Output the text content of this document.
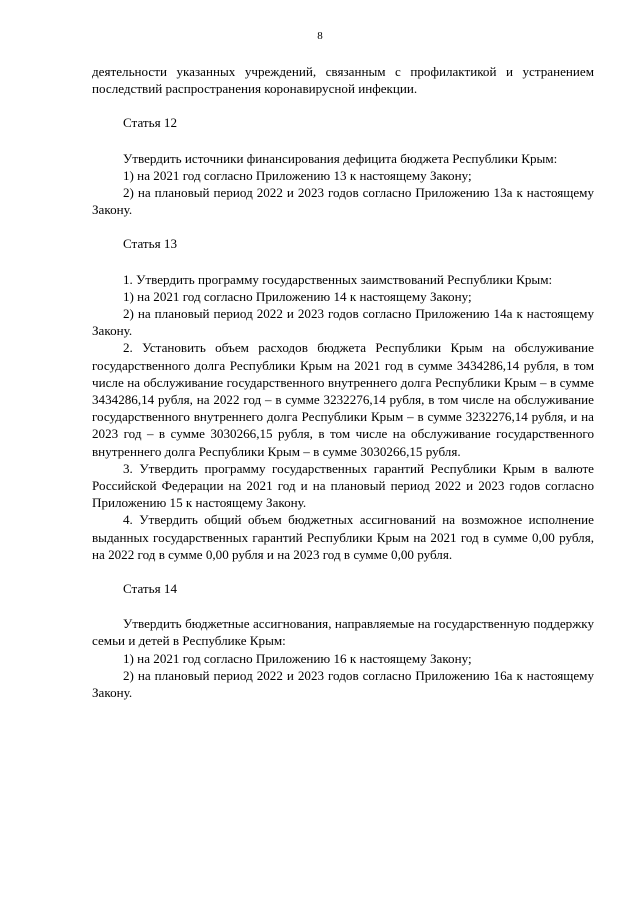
8

деятельности указанных учреждений, связанным с профилактикой и устранением последствий распространения коронавирусной инфекции.

Статья 12

Утвердить источники финансирования дефицита бюджета Республики Крым:

1) на 2021 год согласно Приложению 13 к настоящему Закону;

2) на плановый период 2022 и 2023 годов согласно Приложению 13а к настоящему Закону.

Статья 13

1. Утвердить программу государственных заимствований Республики Крым:

1) на 2021 год согласно Приложению 14 к настоящему Закону;

2) на плановый период 2022 и 2023 годов согласно Приложению 14а к настоящему Закону.

2. Установить объем расходов бюджета Республики Крым на обслуживание государственного долга Республики Крым на 2021 год в сумме 3434286,14 рубля, в том числе на обслуживание государственного внутреннего долга Республики Крым – в сумме 3434286,14 рубля, на 2022 год – в сумме 3232276,14 рубля, в том числе на обслуживание государственного внутреннего долга Республики Крым – в сумме 3232276,14 рубля, и на 2023 год – в сумме 3030266,15 рубля, в том числе на обслуживание государственного внутреннего долга Республики Крым – в сумме 3030266,15 рубля.

3. Утвердить программу государственных гарантий Республики Крым в валюте Российской Федерации на 2021 год и на плановый период 2022 и 2023 годов согласно Приложению 15 к настоящему Закону.

4. Утвердить общий объем бюджетных ассигнований на возможное исполнение выданных государственных гарантий Республики Крым на 2021 год в сумме 0,00 рубля, на 2022 год в сумме 0,00 рубля и на 2023 год в сумме 0,00 рубля.

Статья 14

Утвердить бюджетные ассигнования, направляемые на государственную поддержку семьи и детей в Республике Крым:

1) на 2021 год согласно Приложению 16 к настоящему Закону;

2) на плановый период 2022 и 2023 годов согласно Приложению 16а к настоящему Закону.
